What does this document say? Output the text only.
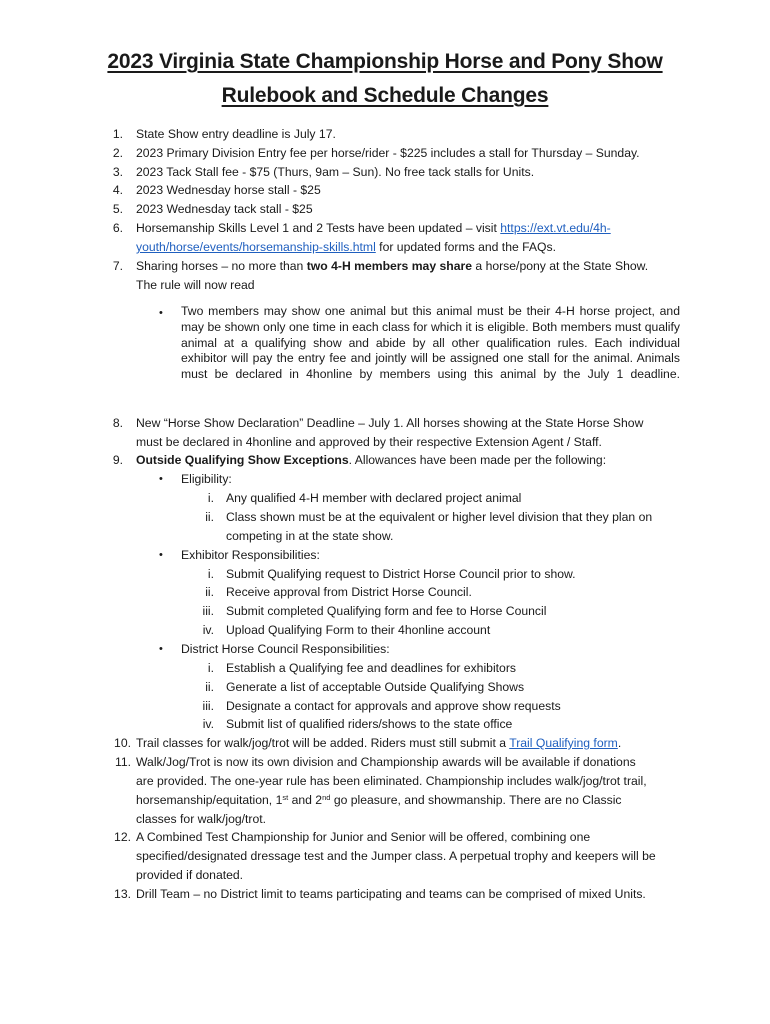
2023 Virginia State Championship Horse and Pony Show
Rulebook and Schedule Changes
1. State Show entry deadline is July 17.
2. 2023 Primary Division Entry fee per horse/rider - $225 includes a stall for Thursday – Sunday.
3. 2023 Tack Stall fee - $75 (Thurs, 9am – Sun). No free tack stalls for Units.
4. 2023 Wednesday horse stall - $25
5. 2023 Wednesday tack stall - $25
6. Horsemanship Skills Level 1 and 2 Tests have been updated – visit https://ext.vt.edu/4h-
youth/horse/events/horsemanship-skills.html for updated forms and the FAQs.
7. Sharing horses – no more than two 4-H members may share a horse/pony at the State Show.
The rule will now read
• Two members may show one animal but this animal must be their 4-H horse project, and may be shown only one time in each class for which it is eligible. Both members must qualify animal at a qualifying show and abide by all other qualification rules. Each individual exhibitor will pay the entry fee and jointly will be assigned one stall for the animal. Animals must be declared in 4honline by members using this animal by the July 1 deadline.
8. New “Horse Show Declaration” Deadline – July 1. All horses showing at the State Horse Show
must be declared in 4honline and approved by their respective Extension Agent / Staff.
9. Outside Qualifying Show Exceptions. Allowances have been made per the following:
• Eligibility:
i. Any qualified 4-H member with declared project animal
ii. Class shown must be at the equivalent or higher level division that they plan on
competing in at the state show.
• Exhibitor Responsibilities:
i. Submit Qualifying request to District Horse Council prior to show.
ii. Receive approval from District Horse Council.
iii. Submit completed Qualifying form and fee to Horse Council
iv. Upload Qualifying Form to their 4honline account
• District Horse Council Responsibilities:
i. Establish a Qualifying fee and deadlines for exhibitors
ii. Generate a list of acceptable Outside Qualifying Shows
iii. Designate a contact for approvals and approve show requests
iv. Submit list of qualified riders/shows to the state office
10. Trail classes for walk/jog/trot will be added. Riders must still submit a Trail Qualifying form.
11. Walk/Jog/Trot is now its own division and Championship awards will be available if donations
are provided. The one-year rule has been eliminated. Championship includes walk/jog/trot trail,
horsemanship/equitation, 1st and 2nd go pleasure, and showmanship. There are no Classic
classes for walk/jog/trot.
12. A Combined Test Championship for Junior and Senior will be offered, combining one
specified/designated dressage test and the Jumper class. A perpetual trophy and keepers will be
provided if donated.
13. Drill Team – no District limit to teams participating and teams can be comprised of mixed Units.
